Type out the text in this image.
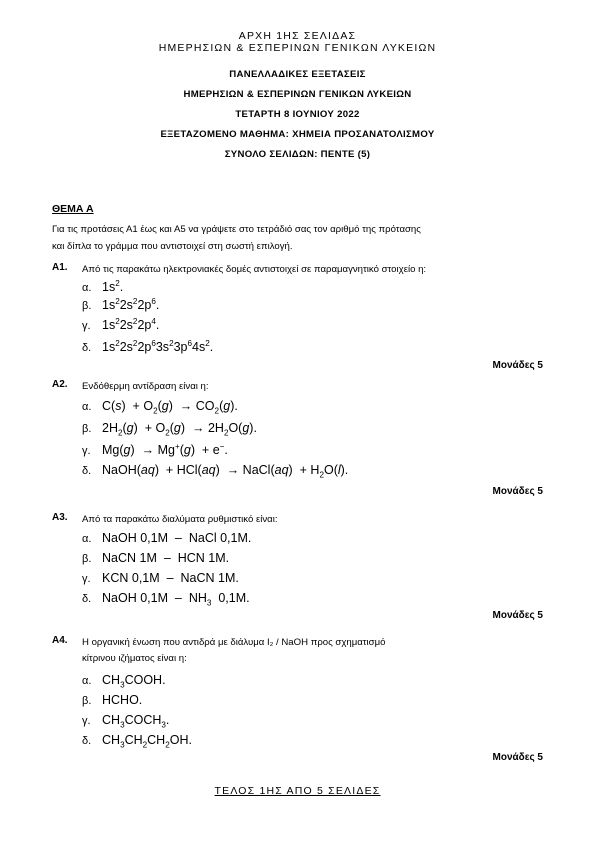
ΑΡΧΗ 1ΗΣ ΣΕΛΙΔΑΣ
ΗΜΕΡΗΣΙΩΝ & ΕΣΠΕΡΙΝΩΝ ΓΕΝΙΚΩΝ ΛΥΚΕΙΩΝ
ΠΑΝΕΛΛΑΔΙΚΕΣ ΕΞΕΤΑΣΕΙΣ
ΗΜΕΡΗΣΙΩΝ & ΕΣΠΕΡΙΝΩΝ ΓΕΝΙΚΩΝ ΛΥΚΕΙΩΝ
ΤΕΤΑΡΤΗ 8 ΙΟΥΝΙΟΥ 2022
ΕΞΕΤΑΖΟΜΕΝΟ ΜΑΘΗΜΑ: ΧΗΜΕΙΑ ΠΡΟΣΑΝΑΤΟΛΙΣΜΟΥ
ΣΥΝΟΛΟ ΣΕΛΙΔΩΝ: ΠΕΝΤΕ (5)
ΘΕΜΑ Α
Για τις προτάσεις Α1 έως και Α5 να γράψετε στο τετράδιό σας τον αριθμό της πρότασης
και δίπλα το γράμμα που αντιστοιχεί στη σωστή επιλογή.
Α1. Από τις παρακάτω ηλεκτρονιακές δομές αντιστοιχεί σε παραμαγνητικό στοιχείο η:
α. $1s^2$.
β. $1s^22s^22p^6$.
γ. $1s^22s^22p^4$.
δ. $1s^22s^22p^63s^23p^64s^2$.
Μονάδες 5
Α2. Ενδόθερμη αντίδραση είναι η:
α. $C(s) + O_2(g) \to CO_2(g)$.
β. $2H_2(g) + O_2(g) \to 2H_2O(g)$.
γ. Mg(g)  → Mg+(g)  + e−.
δ. NaOH(aq)  + HCl(aq)  → NaCl(aq)  + $H_2O(l)$.
Μονάδες 5
Α3. Από τα παρακάτω διαλύματα ρυθμιστικό είναι:
α. NaOH 0,1M  –  NaCl 0,1M.
β. NaCN 1M  –  HCN 1M.
γ. KCN 0,1M  –  NaCN 1M.
δ. NaOH $0,1M - NH_3$  0,1M.
Μονάδες 5
Α4. Η οργανική ένωση που αντιδρά με διάλυμα I₂ / NaOH προς σχηματισμό
κίτρινου ιζήματος είναι η:
α. $CH_3COOH$.
β. HCHO.
γ. $CH_3COCH_3$.
δ. $CH_3CH_2CH_2OH$.
Μονάδες 5
ΤΕΛΟΣ 1ΗΣ ΑΠΟ 5 ΣΕΛΙΔΕΣ
